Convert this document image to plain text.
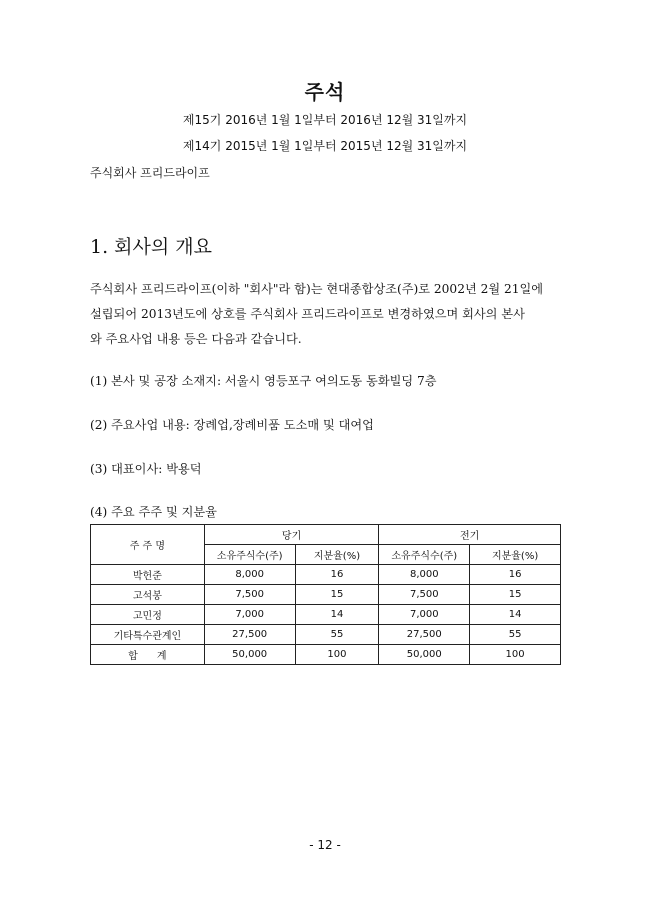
주석
제15기 2016년 1월 1일부터 2016년 12월 31일까지
제14기 2015년 1월 1일부터 2015년 12월 31일까지
주식회사 프리드라이프
1. 회사의 개요
주식회사 프리드라이프(이하 "회사"라 함)는 현대종합상조(주)로 2002년 2월 21일에
설립되어 2013년도에 상호를 주식회사 프리드라이프로 변경하였으며 회사의 본사
와 주요사업 내용 등은 다음과 같습니다.
(1) 본사 및 공장 소재지: 서울시 영등포구 여의도동 동화빌딩 7층
(2) 주요사업 내용: 장례업,장례비품 도소매 및 대여업
(3) 대표이사: 박용덕
(4) 주요 주주 및 지분율
주 주 명	당기		전기	
	소유주식수(주)	지분율(%)	소유주식수(주)	지분율(%)
박헌준	8,000	16	8,000	16
고석봉	7,500	15	7,500	15
고민정	7,000	14	7,000	14
기타특수관계인	27,500	55	27,500	55
합      계	50,000	100	50,000	100
- 12 -
